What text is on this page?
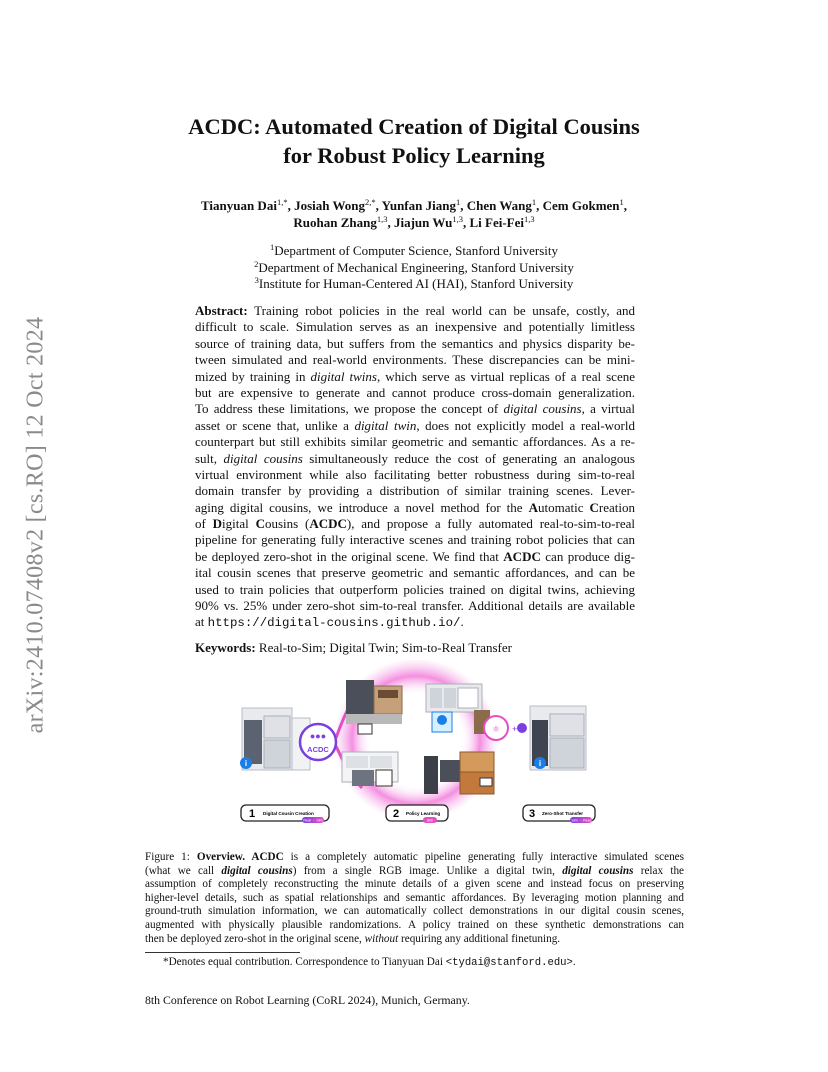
arXiv:2410.07408v2 [cs.RO] 12 Oct 2024
ACDC: Automated Creation of Digital Cousins
for Robust Policy Learning
Tianyuan Dai$^{1,*}$, Josiah Wong$^{2,*}$, Yunfan Jiang$^1$, Chen Wang$^1$, Cem Gokmen$^1$,
Ruohan Zhang$^{1,3}$, Jiajun Wu$^{1,3}$, Li Fei-Fei$^{1,3}$
$^1$Department of Computer Science, Stanford University
$^2$Department of Mechanical Engineering, Stanford University
$^3$Institute for Human-Centered AI (HAI), Stanford University
Abstract: Training robot policies in the real world can be unsafe, costly, and
difficult to scale. Simulation serves as an inexpensive and potentially limitless
source of training data, but suffers from the semantics and physics disparity be-
tween simulated and real-world environments. These discrepancies can be mini-
mized by training in digital twins, which serve as virtual replicas of a real scene
but are expensive to generate and cannot produce cross-domain generalization.
To address these limitations, we propose the concept of digital cousins, a virtual
asset or scene that, unlike a digital twin, does not explicitly model a real-world
counterpart but still exhibits similar geometric and semantic affordances. As a re-
sult, digital cousins simultaneously reduce the cost of generating an analogous
virtual environment while also facilitating better robustness during sim-to-real
domain transfer by providing a distribution of similar training scenes. Lever-
aging digital cousins, we introduce a novel method for the Automatic Creation
of Digital Cousins (ACDC), and propose a fully automated real-to-sim-to-real
pipeline for generating fully interactive scenes and training robot policies that can
be deployed zero-shot in the original scene. We find that ACDC can produce dig-
ital cousin scenes that preserve geometric and semantic affordances, and can be
used to train policies that outperform policies trained on digital twins, achieving
90% vs. 25% under zero-shot sim-to-real transfer. Additional details are available
at https://digital-cousins.github.io/.
Keywords: Real-to-Sim; Digital Twin; Sim-to-Real Transfer
i
●●●
ACDC
⚛ +
i
1 Digital Cousin Creation
Real → Sim
2 Policy Learning
Sim
3 Zero-Shot Transfer
Sim → Real
Figure 1: Overview. ACDC is a completely automatic pipeline generating fully interactive simulated scenes
(what we call digital cousins) from a single RGB image. Unlike a digital twin, digital cousins relax the
assumption of completely reconstructing the minute details of a given scene and instead focus on preserving
higher-level details, such as spatial relationships and semantic affordances. By leveraging motion planning and
ground-truth simulation information, we can automatically collect demonstrations in our digital cousin scenes,
augmented with physically plausible randomizations. A policy trained on these synthetic demonstrations can
then be deployed zero-shot in the original scene, without requiring any additional finetuning.
*Denotes equal contribution. Correspondence to Tianyuan Dai <tydai@stanford.edu>.
8th Conference on Robot Learning (CoRL 2024), Munich, Germany.
